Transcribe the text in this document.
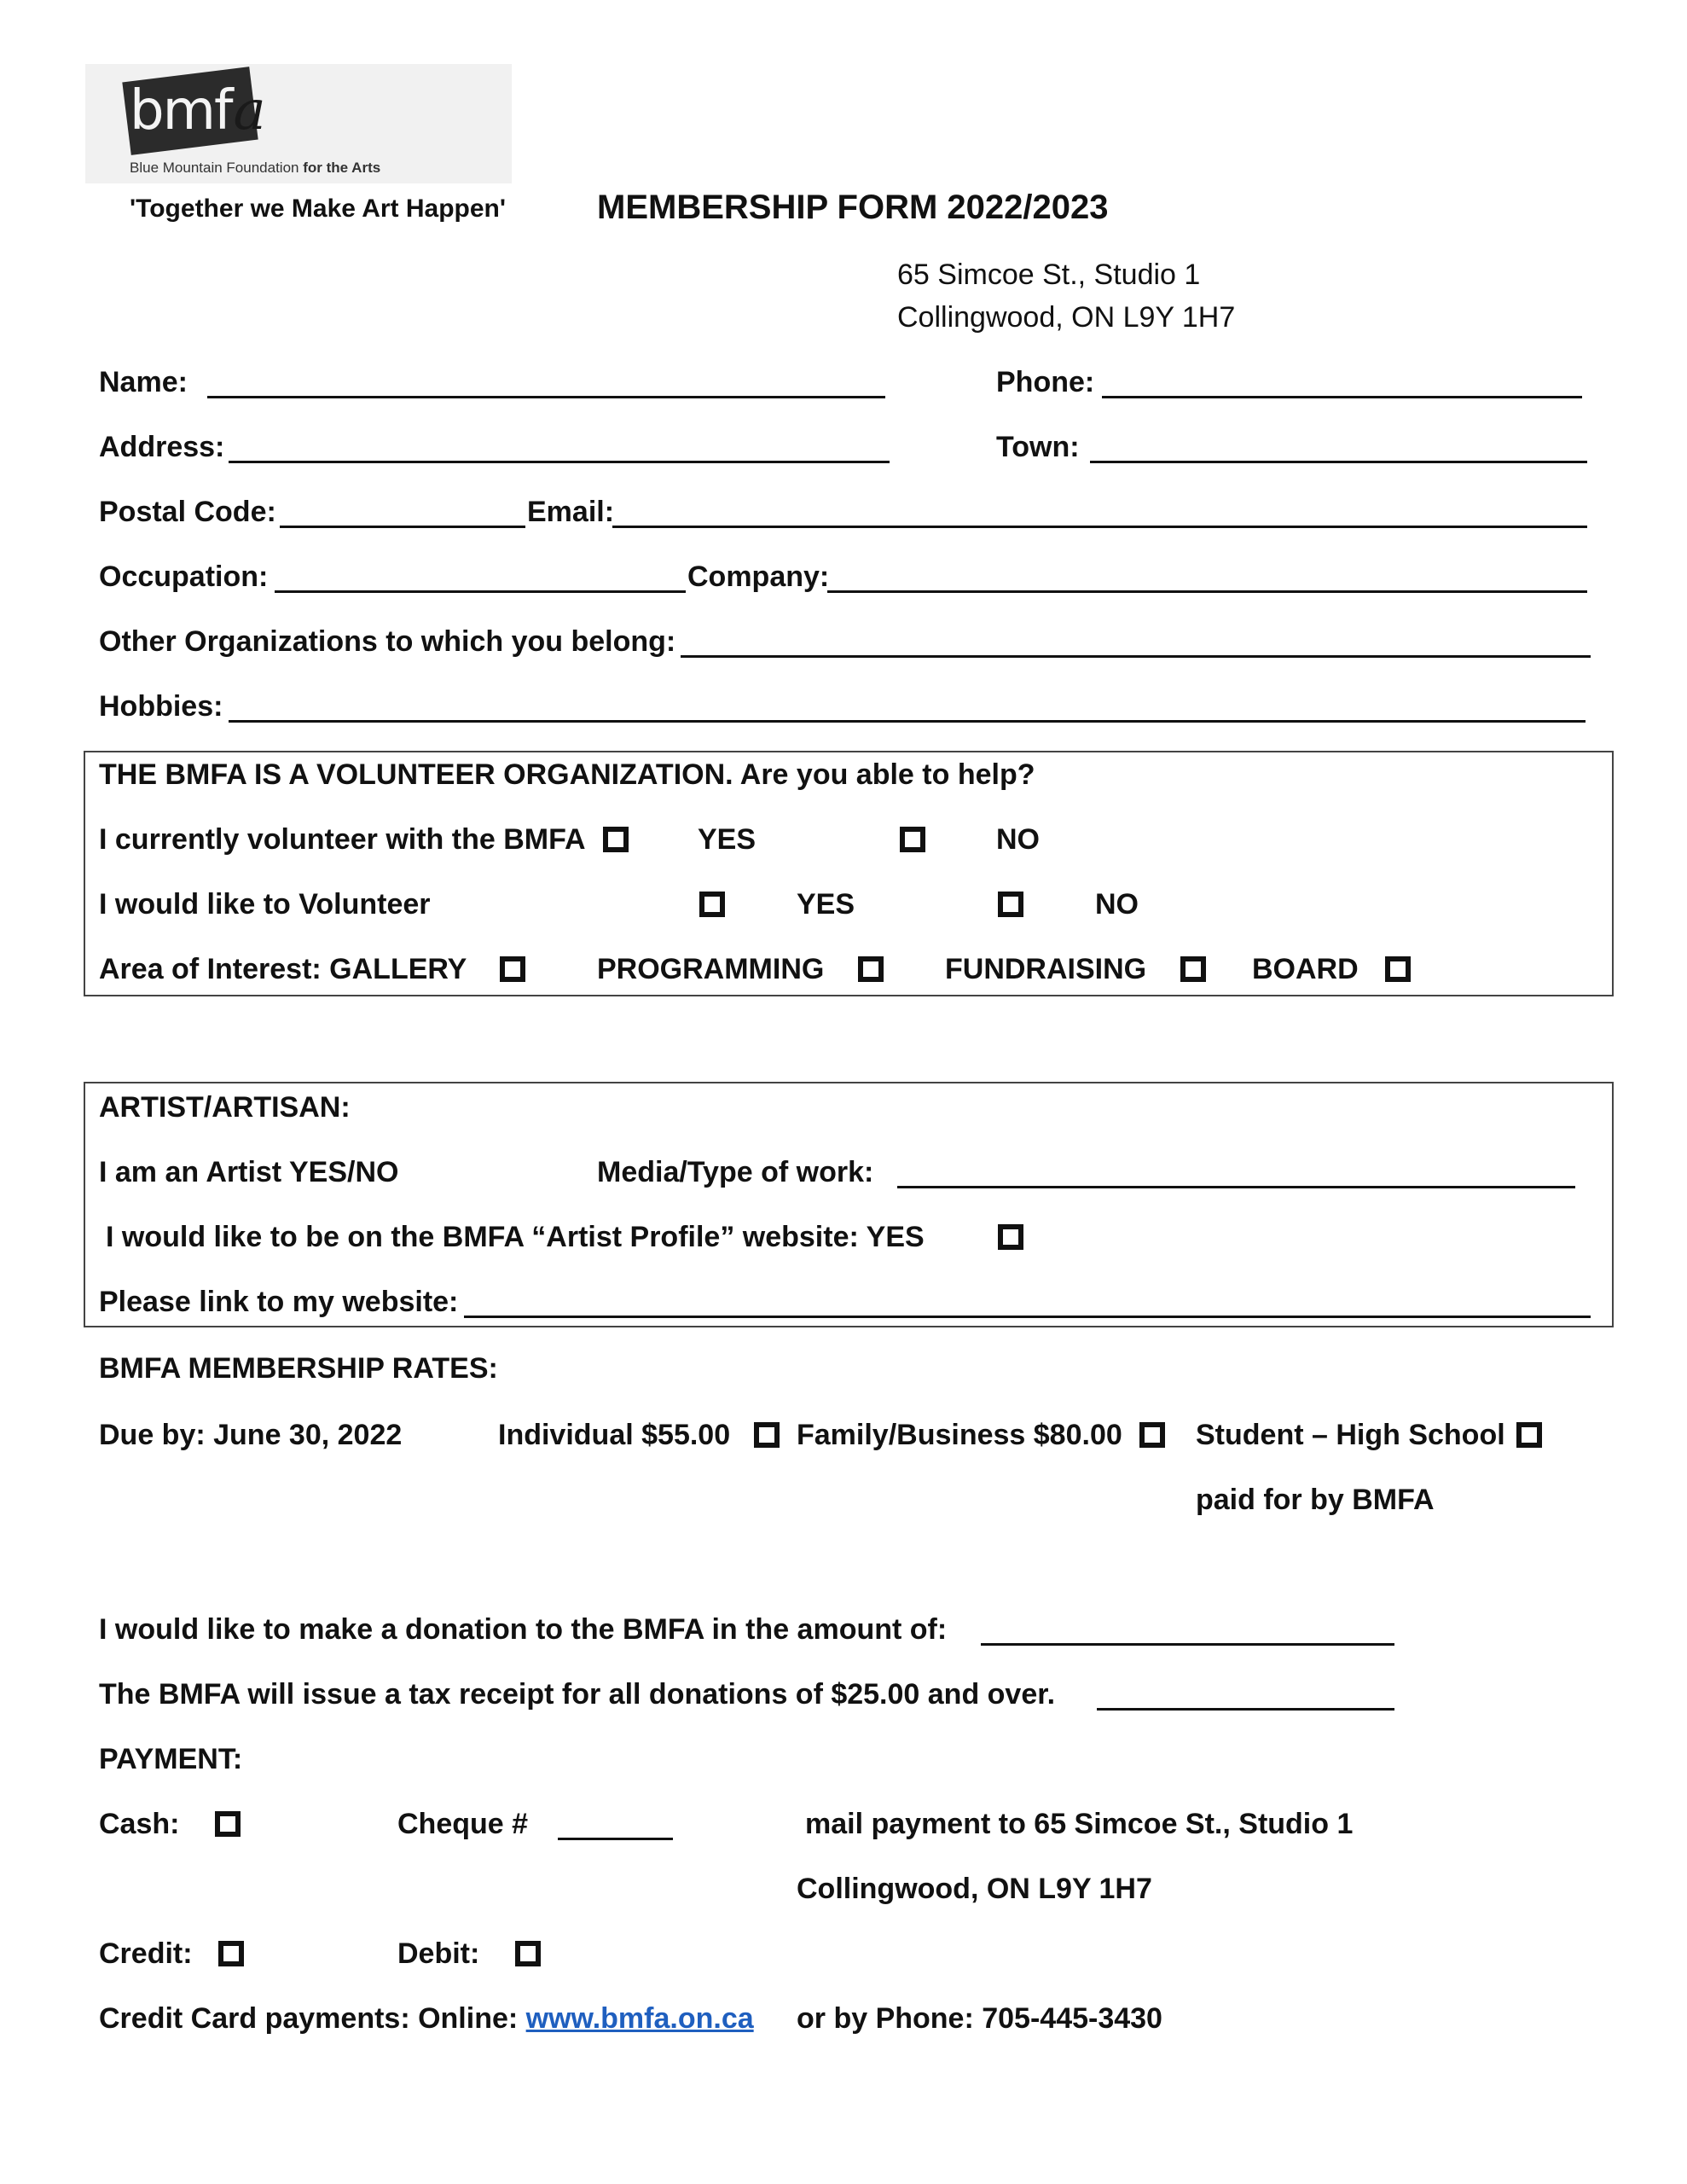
bmfa
Blue Mountain Foundation for the Arts
'Together we Make Art Happen'	MEMBERSHIP FORM 2022/2023
65 Simcoe St., Studio 1
Collingwood, ON L9Y 1H7
Name:	Phone:
Address:	Town:
Postal Code:	Email:
Occupation:	Company:
Other Organizations to which you belong:
Hobbies:
THE BMFA IS A VOLUNTEER ORGANIZATION. Are you able to help?
I currently volunteer with the BMFA	YES	NO
I would like to Volunteer	YES	NO
Area of Interest: GALLERY	PROGRAMMING	FUNDRAISING	BOARD
ARTIST/ARTISAN:
I am an Artist YES/NO	Media/Type of work:
I would like to be on the BMFA “Artist Profile” website: YES
Please link to my website:
BMFA MEMBERSHIP RATES:
Due by: June 30, 2022	Individual $55.00 Family/Business $80.00	Student – High School
paid for by BMFA
I would like to make a donation to the BMFA in the amount of:
The BMFA will issue a tax receipt for all donations of $25.00 and over.
PAYMENT:
Cash:	Cheque #	mail payment to 65 Simcoe St., Studio 1
Collingwood, ON L9Y 1H7
Credit:	Debit:
Credit Card payments: Online: www.bmfa.on.ca or by Phone: 705-445-3430
